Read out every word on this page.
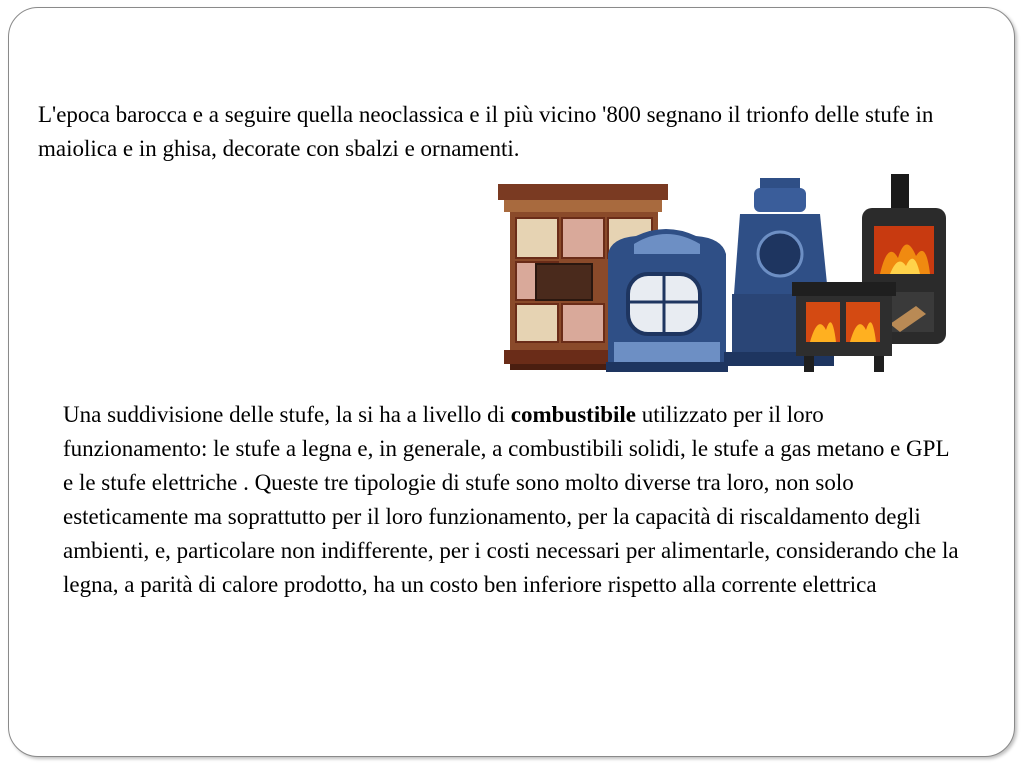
L'epoca barocca e a seguire quella neoclassica e il più vicino '800 segnano il trionfo delle stufe in maiolica e in ghisa, decorate con sbalzi e ornamenti.

Una suddivisione delle stufe, la si ha a livello di combustibile utilizzato per il loro funzionamento: le stufe a legna e, in generale, a combustibili solidi, le stufe a gas metano e GPL e le stufe elettriche . Queste tre tipologie di stufe sono molto diverse tra loro, non solo esteticamente ma soprattutto per il loro funzionamento, per la capacità di riscaldamento degli ambienti, e, particolare non indifferente, per i costi necessari per alimentarle, considerando che la legna, a parità di calore prodotto, ha un costo ben inferiore rispetto alla corrente elettrica
